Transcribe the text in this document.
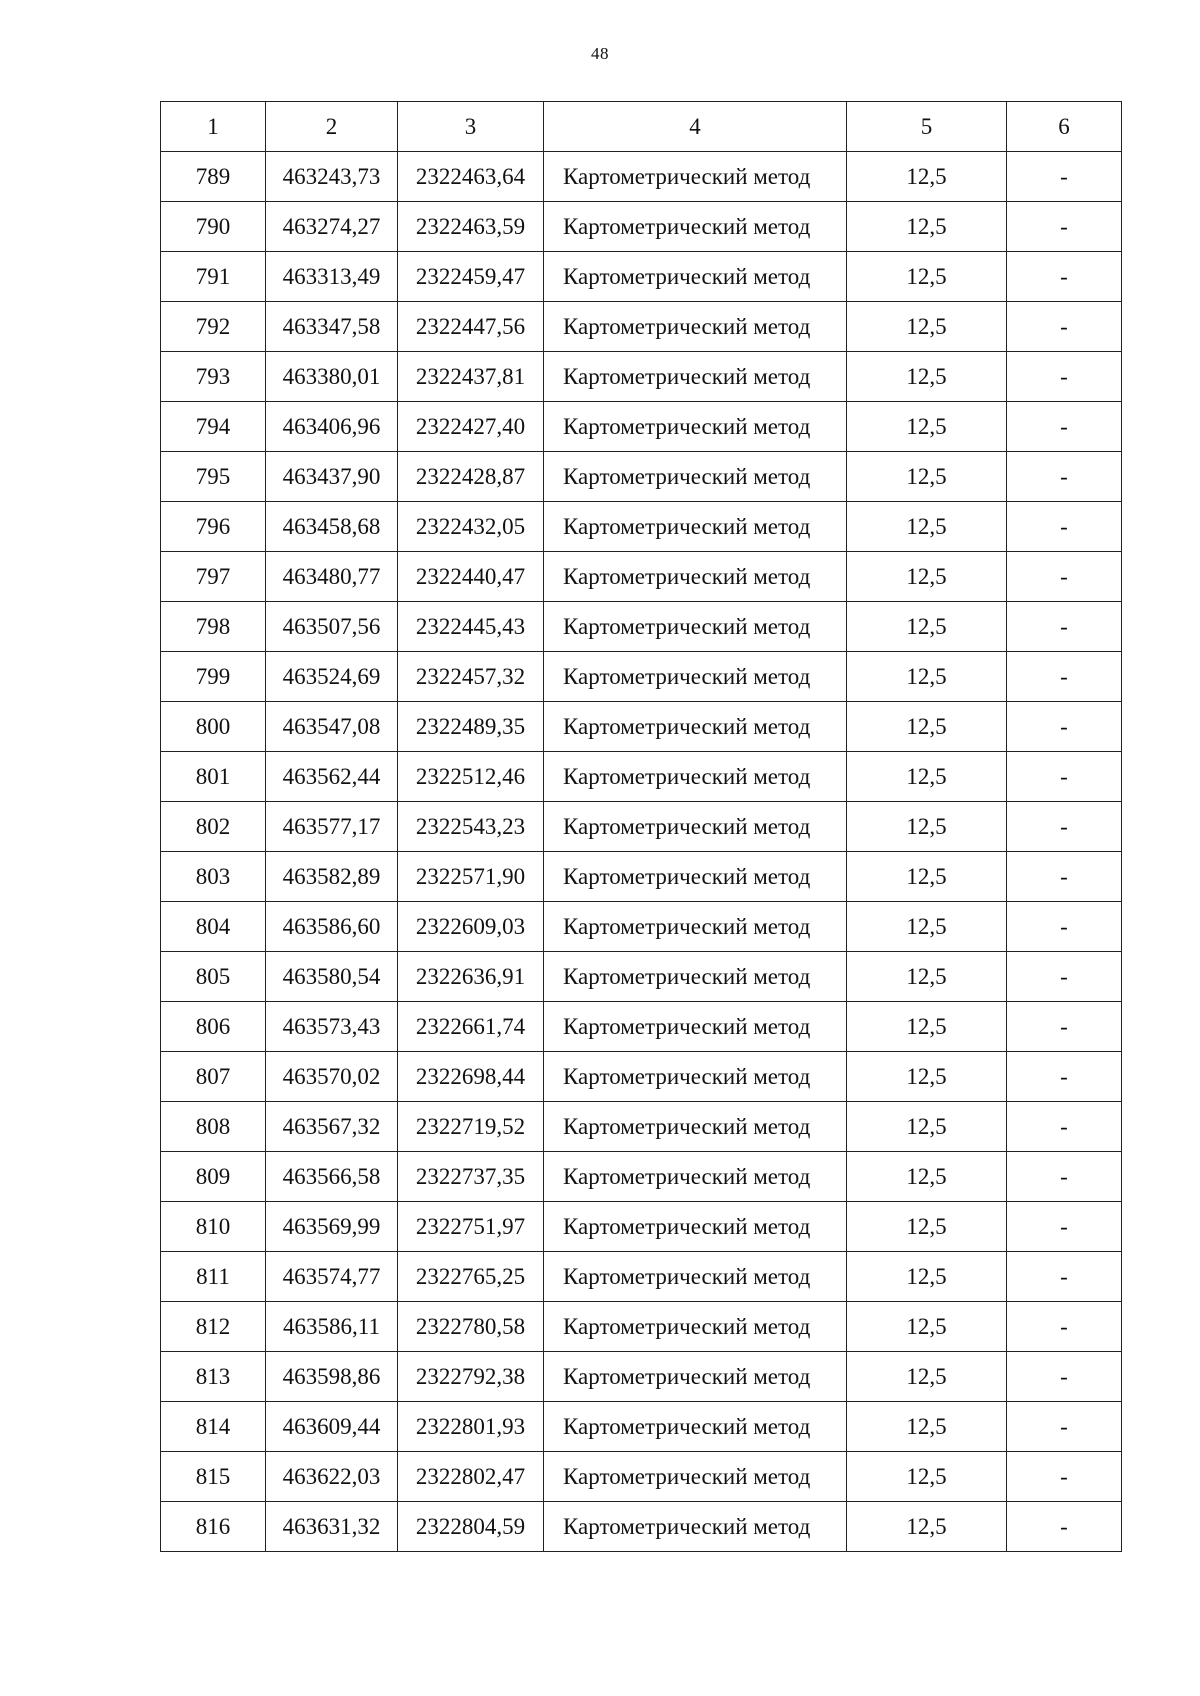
48
1	2	3	4	5	6
789	463243,73	2322463,64	Картометрический метод	12,5	-
790	463274,27	2322463,59	Картометрический метод	12,5	-
791	463313,49	2322459,47	Картометрический метод	12,5	-
792	463347,58	2322447,56	Картометрический метод	12,5	-
793	463380,01	2322437,81	Картометрический метод	12,5	-
794	463406,96	2322427,40	Картометрический метод	12,5	-
795	463437,90	2322428,87	Картометрический метод	12,5	-
796	463458,68	2322432,05	Картометрический метод	12,5	-
797	463480,77	2322440,47	Картометрический метод	12,5	-
798	463507,56	2322445,43	Картометрический метод	12,5	-
799	463524,69	2322457,32	Картометрический метод	12,5	-
800	463547,08	2322489,35	Картометрический метод	12,5	-
801	463562,44	2322512,46	Картометрический метод	12,5	-
802	463577,17	2322543,23	Картометрический метод	12,5	-
803	463582,89	2322571,90	Картометрический метод	12,5	-
804	463586,60	2322609,03	Картометрический метод	12,5	-
805	463580,54	2322636,91	Картометрический метод	12,5	-
806	463573,43	2322661,74	Картометрический метод	12,5	-
807	463570,02	2322698,44	Картометрический метод	12,5	-
808	463567,32	2322719,52	Картометрический метод	12,5	-
809	463566,58	2322737,35	Картометрический метод	12,5	-
810	463569,99	2322751,97	Картометрический метод	12,5	-
811	463574,77	2322765,25	Картометрический метод	12,5	-
812	463586,11	2322780,58	Картометрический метод	12,5	-
813	463598,86	2322792,38	Картометрический метод	12,5	-
814	463609,44	2322801,93	Картометрический метод	12,5	-
815	463622,03	2322802,47	Картометрический метод	12,5	-
816	463631,32	2322804,59	Картометрический метод	12,5	-
